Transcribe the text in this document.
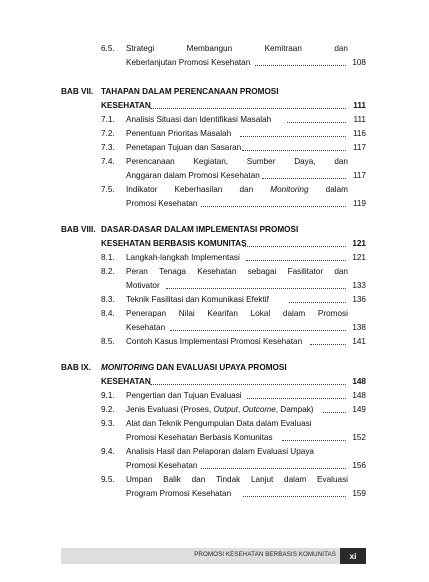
6.5.	Strategi	Membangun	Kemitraan	dan
Keberlanjutan Promosi Kesehatan	108
BAB VII. TAHAPAN DALAM PERENCANAAN PROMOSI
KESEHATAN	111
7.1.	Analisis Situasi dan Identifikasi Masalah	111
7.2.	Penentuan Prioritas Masalah	116
7.3.	Penetapan Tujuan dan Sasaran	117
7.4.	Perencanaan Kegiatan, Sumber Daya, dan
Anggaran dalam Promosi Kesehatan	117
7.5.	Indikator Keberhasilan dan Monitoring dalam
Promosi Kesehatan	119
BAB VIII. DASAR-DASAR DALAM IMPLEMENTASI PROMOSI
KESEHATAN BERBASIS KOMUNITAS	121
8.1.	Langkah-langkah Implementasi	121
8.2.	Peran Tenaga Kesehatan sebagai Fasilitator dan
Motivator	133
8.3.	Teknik Fasilitasi dan Komunikasi Efektif	136
8.4.	Penerapan Nilai Kearifan Lokal dalam Promosi
Kesehatan	138
8.5.	Contoh Kasus Implementasi Promosi Kesehatan	141
BAB IX. MONITORING DAN EVALUASI UPAYA PROMOSI
KESEHATAN	148
9.1.	Pengertian dan Tujuan Evaluasi	148
9.2.	Jenis Evaluasi (Proses, Output, Outcome, Dampak)	149
9.3.	Alat dan Teknik Pengumpulan Data dalam Evaluasi
Promosi Kesehatan Berbasis Komunitas	152
9.4.	Analisis Hasil dan Pelaporan dalam Evaluasi Upaya
Promosi Kesehatan	156
9.5.	Umpan Balik dan Tindak Lanjut dalam Evaluasi
Program Promosi Kesehatan	159
PROMOSI KESEHATAN BERBASIS KOMUNITAS	xi
